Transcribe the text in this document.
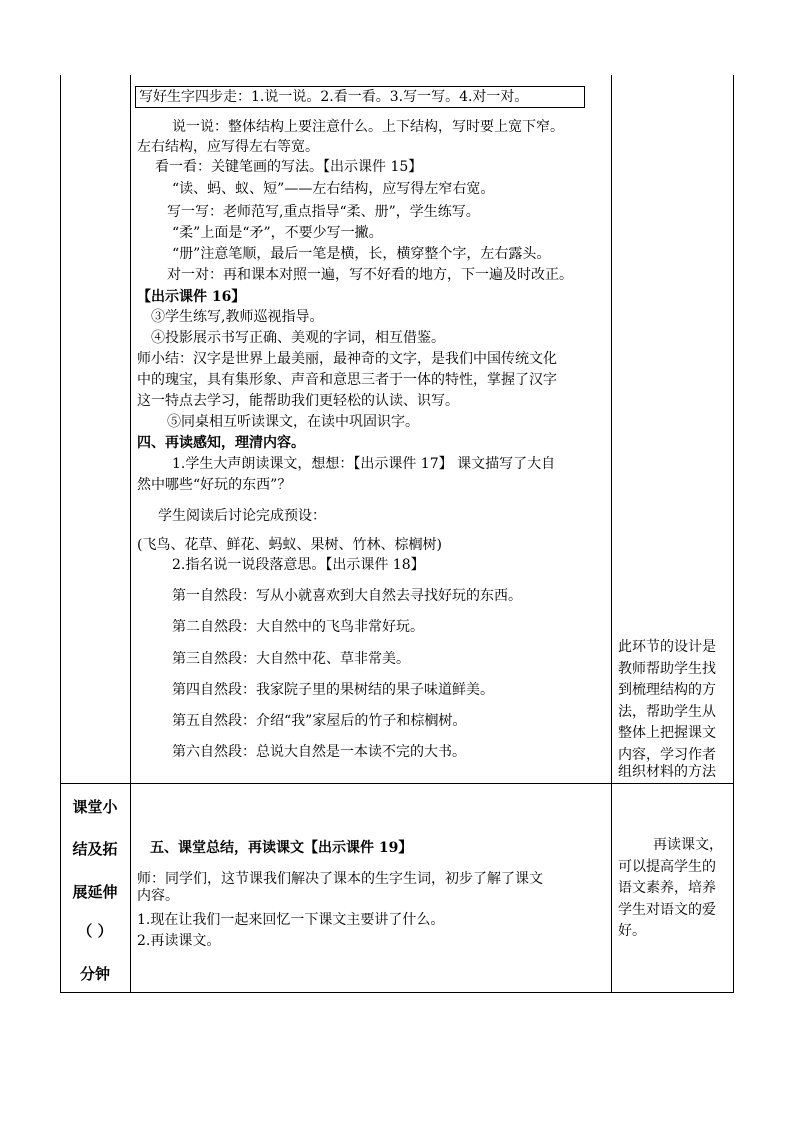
写好生字四步走：1.说一说。2.看一看。3.写一写。4.对一对。

说一说：整体结构上要注意什么。上下结构，写时要上宽下窄。

左右结构，应写得左右等宽。

看一看：关键笔画的写法。【出示课件 15】

“读、蚂、蚁、短”——左右结构，应写得左窄右宽。

写一写：老师范写,重点指导“柔、册”，学生练写。

“柔”上面是“矛”，不要少写一撇。

“册”注意笔顺，最后一笔是横，长，横穿整个字，左右露头。

对一对：再和课本对照一遍，写不好看的地方，下一遍及时改正。

【出示课件 16】

③学生练写,教师巡视指导。

④投影展示书写正确、美观的字词，相互借鉴。

师小结：汉字是世界上最美丽，最神奇的文字，是我们中国传统文化

中的瑰宝，具有集形象、声音和意思三者于一体的特性，掌握了汉字

这一特点去学习，能帮助我们更轻松的认读、识写。

⑤同桌相互听读课文，在读中巩固识字。

四、再读感知，理清内容。

1.学生大声朗读课文，想想：【出示课件 17】 课文描写了大自

然中哪些“好玩的东西”？

学生阅读后讨论完成预设：

(飞鸟、花草、鲜花、蚂蚁、果树、竹林、棕榈树)

2.指名说一说段落意思。【出示课件 18】

第一自然段：写从小就喜欢到大自然去寻找好玩的东西。

第二自然段：大自然中的飞鸟非常好玩。

第三自然段：大自然中花、草非常美。

第四自然段：我家院子里的果树结的果子味道鲜美。

第五自然段：介绍“我”家屋后的竹子和棕榈树。

第六自然段：总说大自然是一本读不完的大书。

此环节的设计是
教师帮助学生找
到梳理结构的方
法，帮助学生从
整体上把握课文
内容，学习作者
组织材料的方法
课堂小
结及拓
展延伸
（ ）
分钟

五、课堂总结，再读课文【出示课件 19】

师：同学们，这节课我们解决了课本的生字生词，初步了解了课文

内容。

1.现在让我们一起来回忆一下课文主要讲了什么。

2.再读课文。

再读课文，
可以提高学生的
语文素养，培养
学生对语文的爱
好。
